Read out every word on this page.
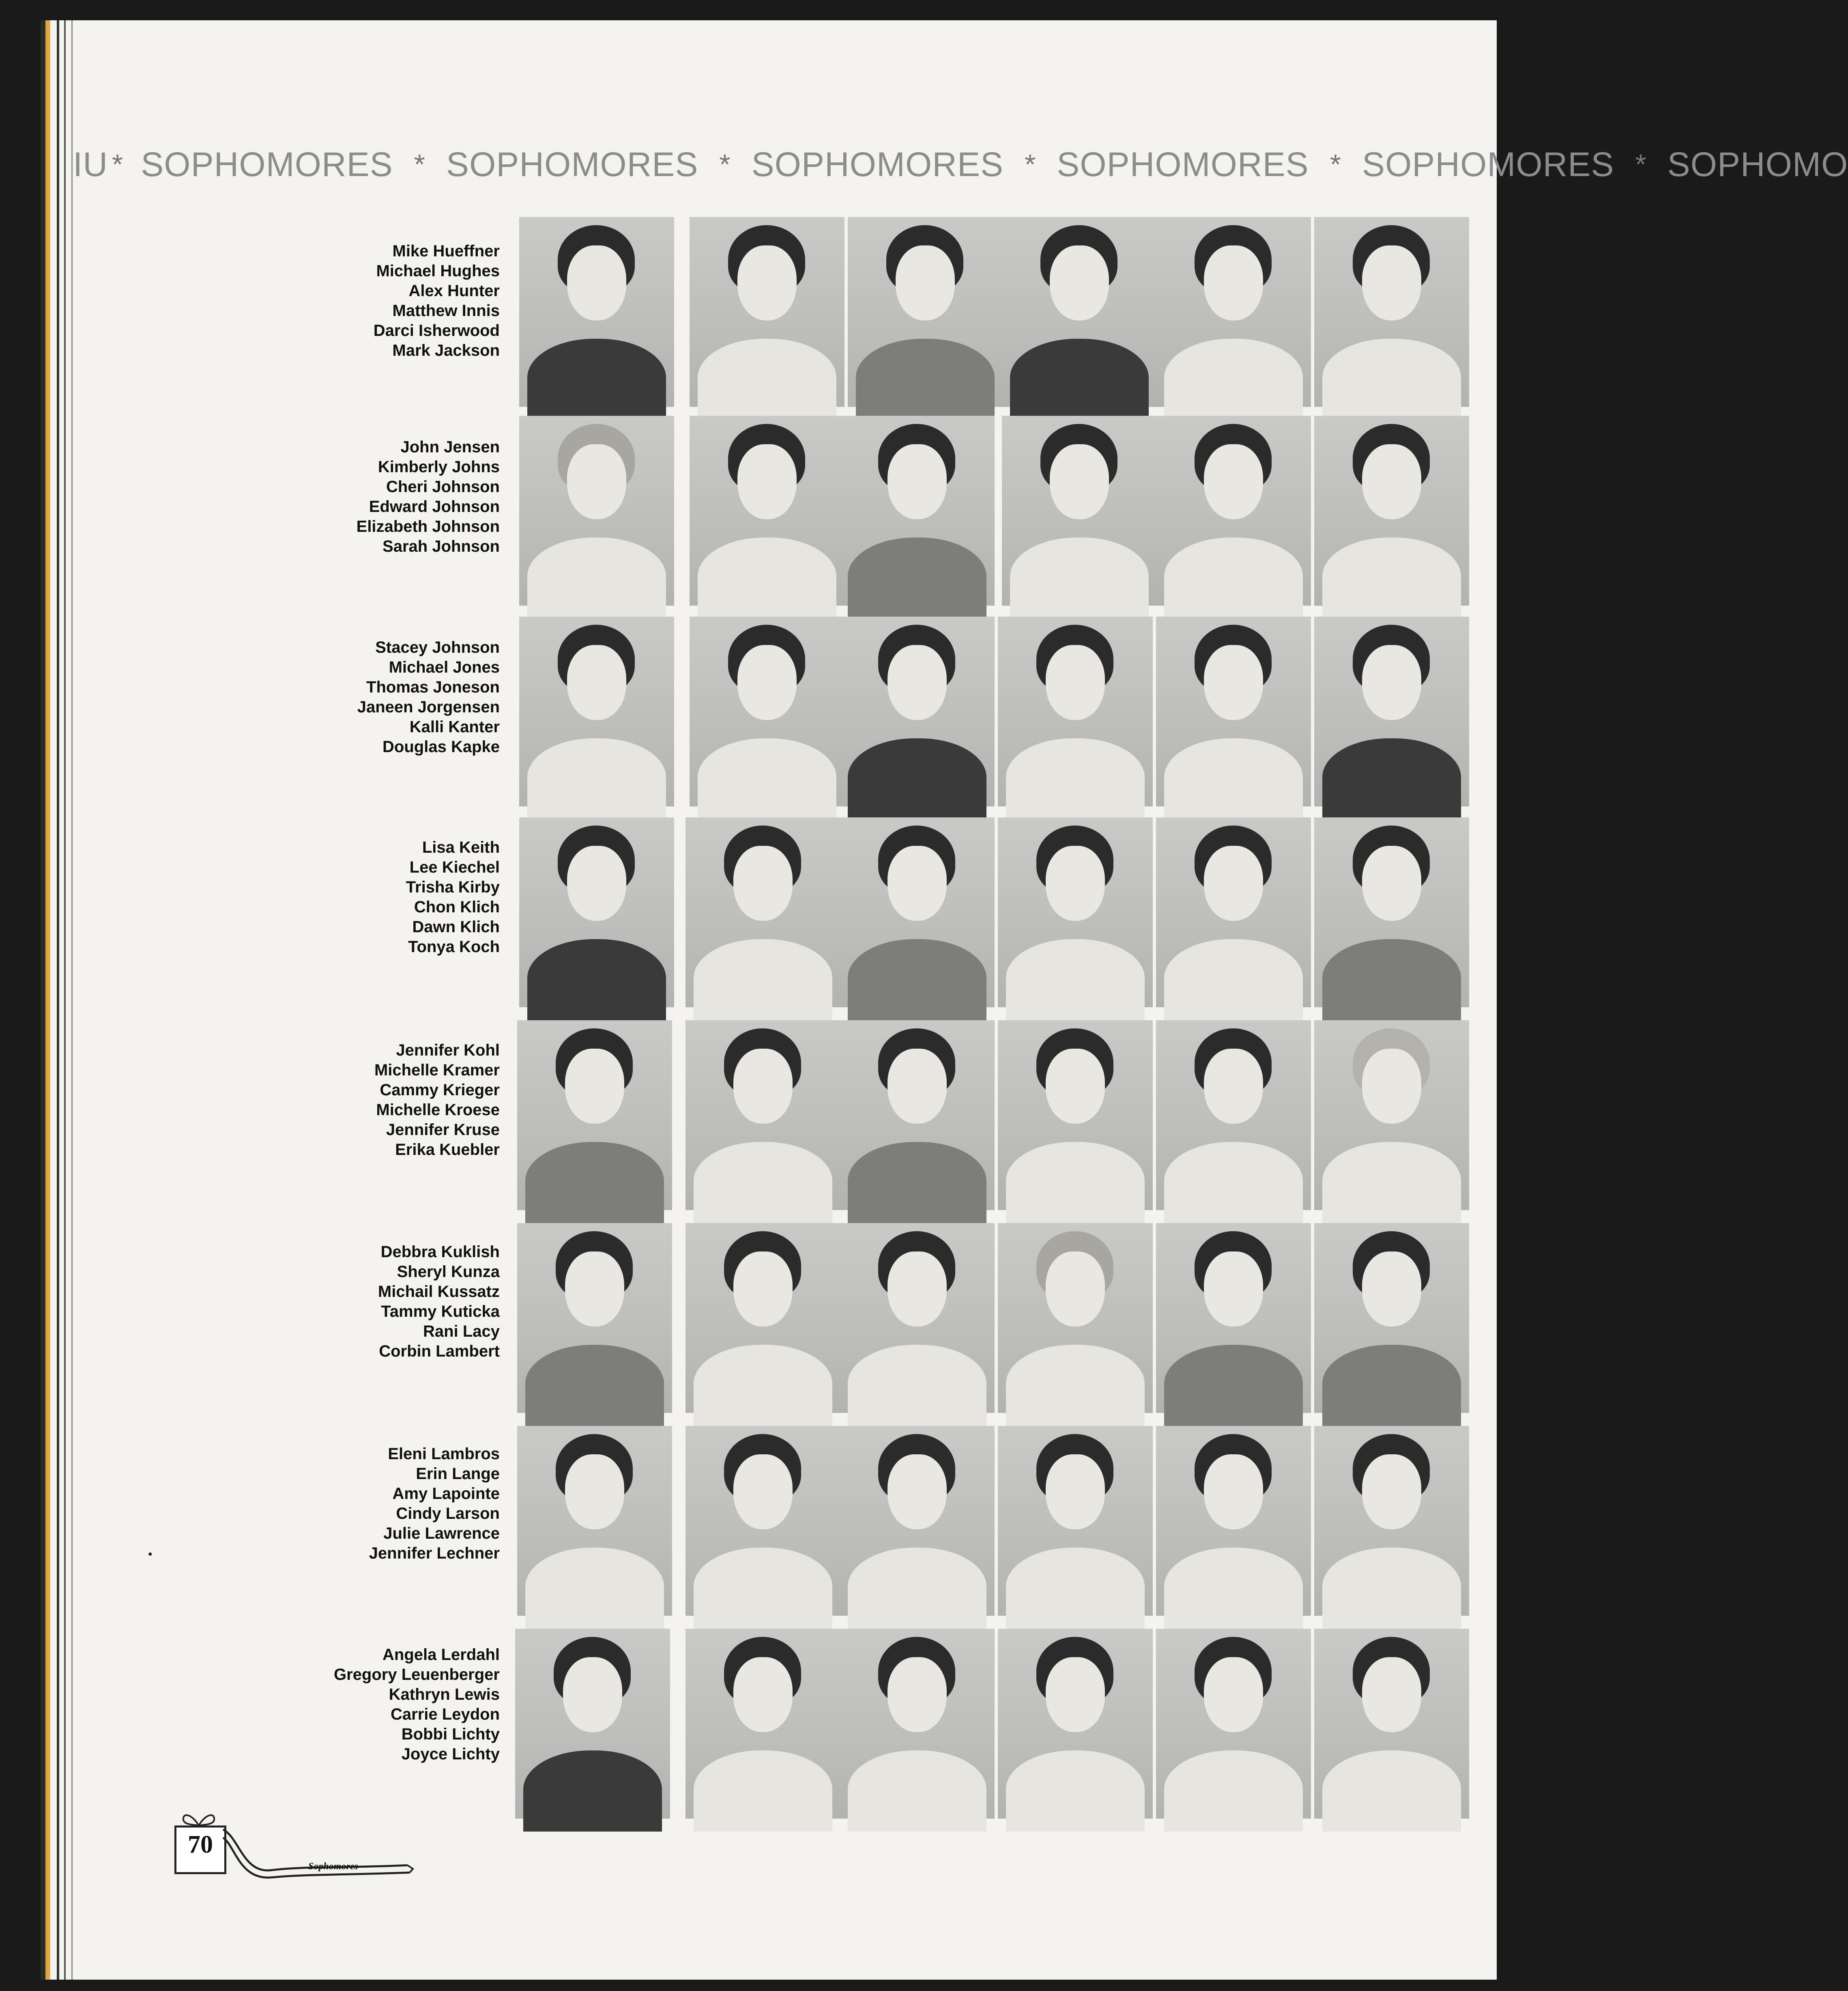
IU * SOPHOMORES * SOPHOMORES * SOPHOMORES * SOPHOMORES * SOPHOMORES * SOPHOMO
Mike Hueffner
Michael Hughes
Alex Hunter
Matthew Innis
Darci Isherwood
Mark Jackson
John Jensen
Kimberly Johns
Cheri Johnson
Edward Johnson
Elizabeth Johnson
Sarah Johnson
Stacey Johnson
Michael Jones
Thomas Joneson
Janeen Jorgensen
Kalli Kanter
Douglas Kapke
Lisa Keith
Lee Kiechel
Trisha Kirby
Chon Klich
Dawn Klich
Tonya Koch
Jennifer Kohl
Michelle Kramer
Cammy Krieger
Michelle Kroese
Jennifer Kruse
Erika Kuebler
Debbra Kuklish
Sheryl Kunza
Michail Kussatz
Tammy Kuticka
Rani Lacy
Corbin Lambert
Eleni Lambros
Erin Lange
Amy Lapointe
Cindy Larson
Julie Lawrence
Jennifer Lechner
Angela Lerdahl
Gregory Leuenberger
Kathryn Lewis
Carrie Leydon
Bobbi Lichty
Joyce Lichty
•
70
Sophomores
